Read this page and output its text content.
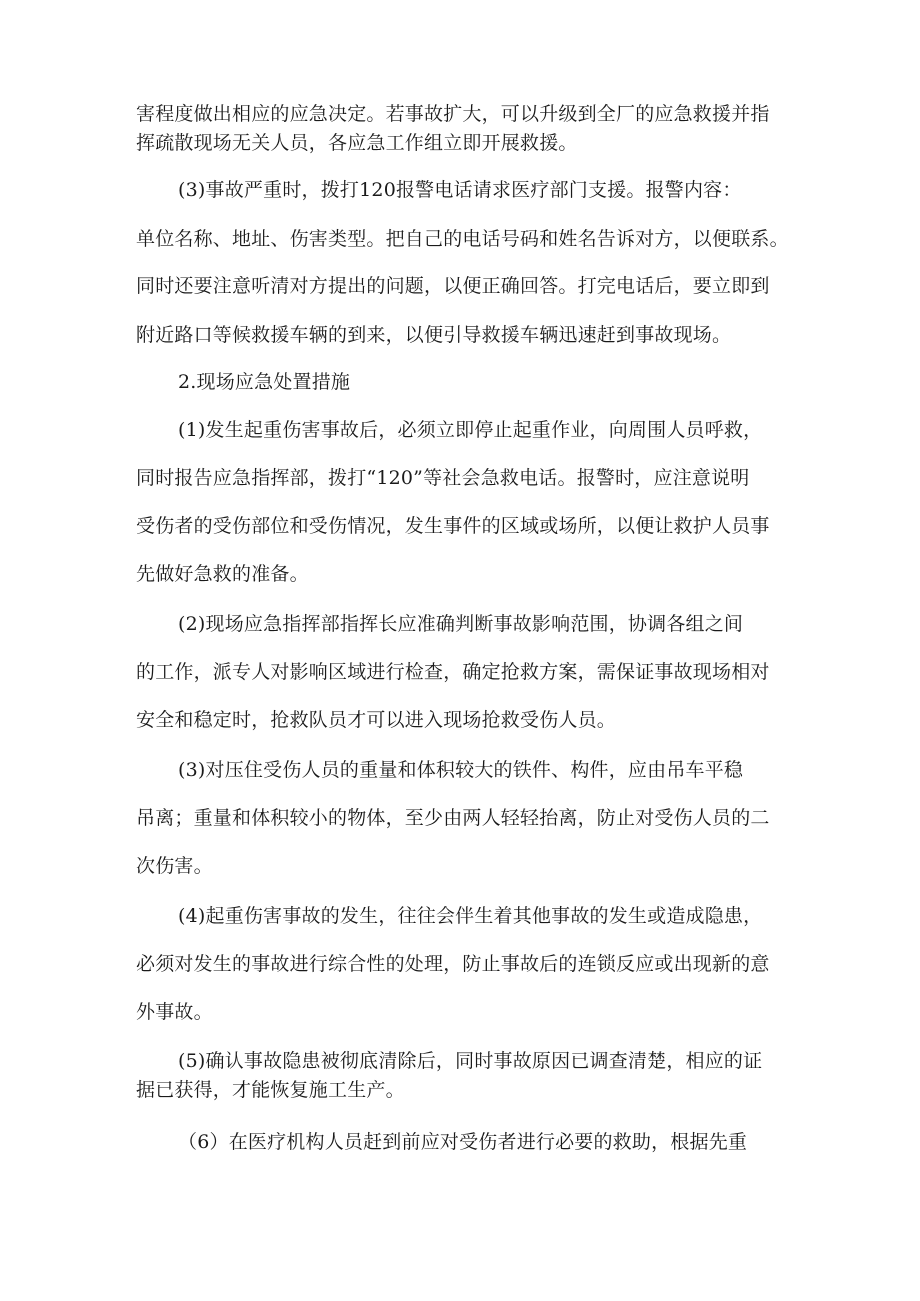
害程度做出相应的应急决定。若事故扩大，可以升级到全厂的应急救援并指
挥疏散现场无关人员，各应急工作组立即开展救援。
(3)事故严重时，拨打120报警电话请求医疗部门支援。报警内容：
单位名称、地址、伤害类型。把自己的电话号码和姓名告诉对方，以便联系。
同时还要注意听清对方提出的问题，以便正确回答。打完电话后，要立即到
附近路口等候救援车辆的到来，以便引导救援车辆迅速赶到事故现场。
2.现场应急处置措施
(1)发生起重伤害事故后，必须立即停止起重作业，向周围人员呼救，
同时报告应急指挥部，拨打“120”等社会急救电话。报警时，应注意说明
受伤者的受伤部位和受伤情况，发生事件的区域或场所，以便让救护人员事
先做好急救的准备。
(2)现场应急指挥部指挥长应准确判断事故影响范围，协调各组之间
的工作，派专人对影响区域进行检查，确定抢救方案，需保证事故现场相对
安全和稳定时，抢救队员才可以进入现场抢救受伤人员。
(3)对压住受伤人员的重量和体积较大的铁件、构件，应由吊车平稳
吊离；重量和体积较小的物体，至少由两人轻轻抬离，防止对受伤人员的二
次伤害。
(4)起重伤害事故的发生，往往会伴生着其他事故的发生或造成隐患，
必须对发生的事故进行综合性的处理，防止事故后的连锁反应或出现新的意
外事故。
(5)确认事故隐患被彻底清除后，同时事故原因已调查清楚，相应的证
据已获得，才能恢复施工生产。
（6）在医疗机构人员赶到前应对受伤者进行必要的救助，根据先重
